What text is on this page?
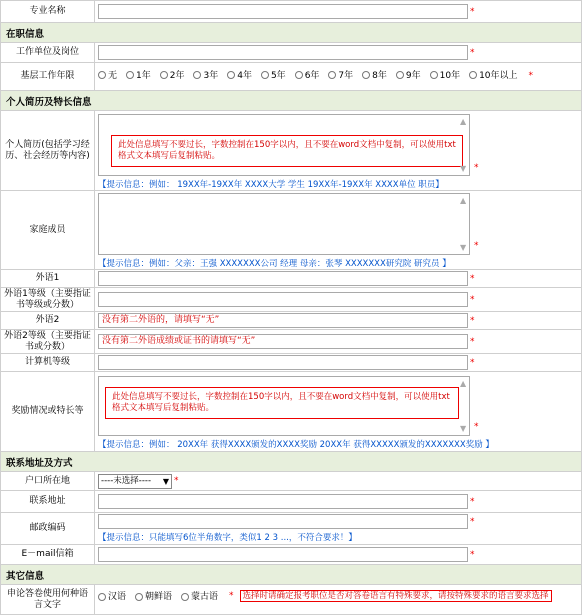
专业名称	*
在职信息	
工作单位及岗位	*
基层工作年限	无 1年 2年 3年 4年 5年 6年 7年 8年 9年 10年 10年以上 *

个人简历及特长信息	
个人简历(包括学习经历、社会经历等内容)	此处信息填写不要过长，字数控制在150字以内，且不要在word文档中复制，可以使用txt格式文本填写后复制粘贴。
▲
▼ *
【提示信息：例如： 19XX年-19XX年 XXXX大学 学生 19XX年-19XX年 XXXX单位 职员】

家庭成员	▲
▼ *
【提示信息：例如：父亲：王强 XXXXXXX公司 经理 母亲：张琴 XXXXXXX研究院 研究员 】

外语1	*
外语1等级（主要指证书等级或分数）	*
外语2	没有第二外语的，请填写“无” *
外语2等级（主要指证书或分数）	没有第二外语成绩或证书的请填写“无” *
计算机等级	*
奖励情况或特长等	此处信息填写不要过长，字数控制在150字以内，且不要在word文档中复制，可以使用txt格式文本填写后复制粘贴。
▲
▼ *
【提示信息：例如： 20XX年 获得XXXX颁发的XXXX奖励 20XX年 获得XXXXX颁发的XXXXXXX奖励 】

联系地址及方式	
户口所在地	----未选择---- ▼ *
联系地址	*
邮政编码	*
【提示信息：只能填写6位半角数字，类似1 2 3 ...，不符合要求！】

E－mail信箱	*
其它信息	
申论答卷使用何种语言文字	汉语 朝鲜语 蒙古语 * 选择时请确定报考职位是否对答卷语言有特殊要求，请按特殊要求的语言要求选择
